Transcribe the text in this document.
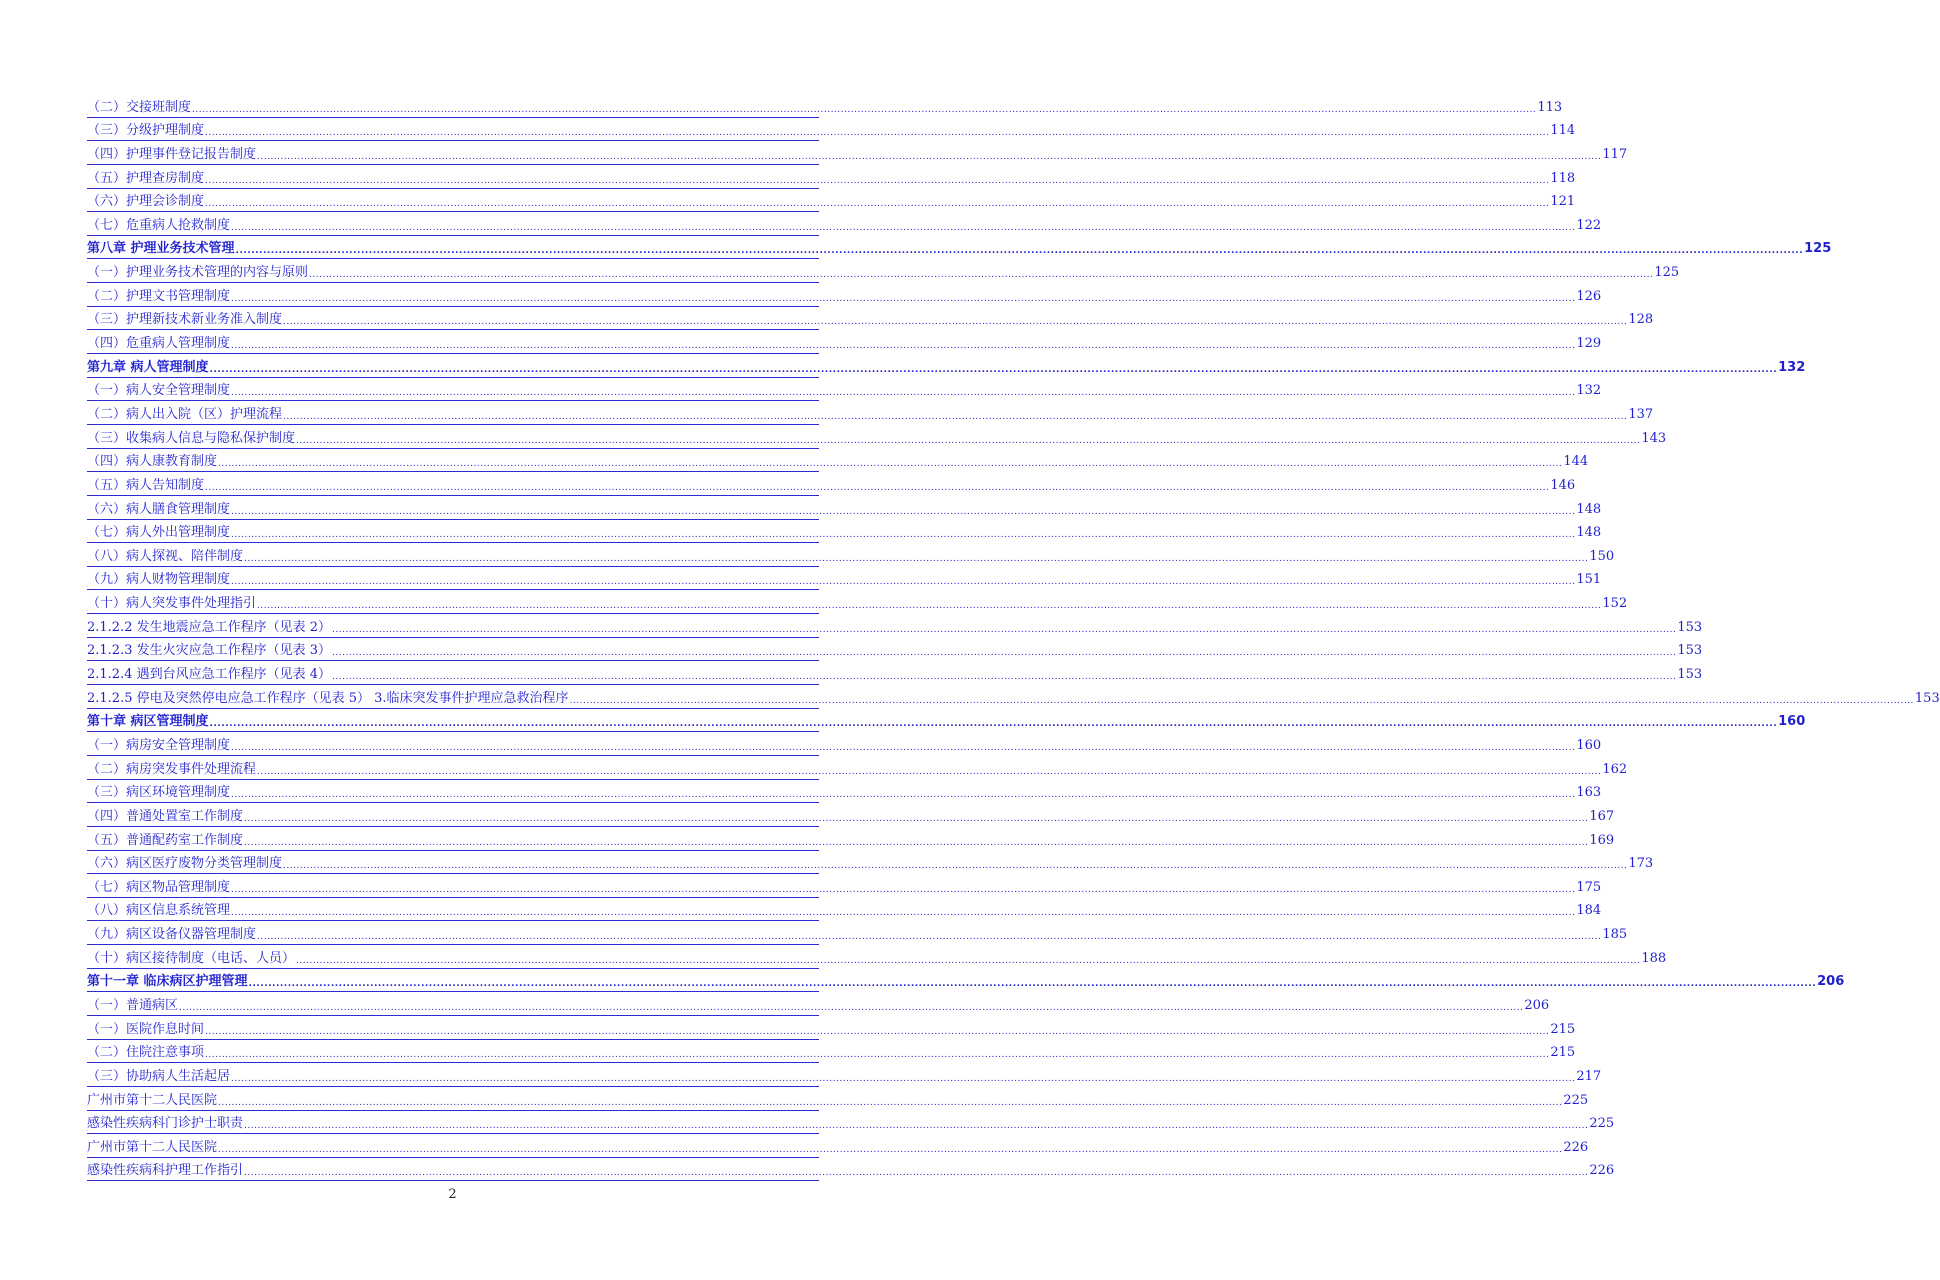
（二）交接班制度 ................................................................................................................................................................................................................................................................................................................................................................................................................ 113
（三）分级护理制度 ................................................................................................................................................................................................................................................................................................................................................................................................................ 114
（四）护理事件登记报告制度 ................................................................................................................................................................................................................................................................................................................................................................................................................ 117
（五）护理查房制度 ................................................................................................................................................................................................................................................................................................................................................................................................................ 118
（六）护理会诊制度 ................................................................................................................................................................................................................................................................................................................................................................................................................ 121
（七）危重病人抢救制度 ................................................................................................................................................................................................................................................................................................................................................................................................................ 122
第八章 护理业务技术管理 ................................................................................................................................................................................................................................................................................................................................................................................................................ 125
（一）护理业务技术管理的内容与原则 ................................................................................................................................................................................................................................................................................................................................................................................................................ 125
（二）护理文书管理制度 ................................................................................................................................................................................................................................................................................................................................................................................................................ 126
（三）护理新技术新业务准入制度 ................................................................................................................................................................................................................................................................................................................................................................................................................ 128
（四）危重病人管理制度 ................................................................................................................................................................................................................................................................................................................................................................................................................ 129
第九章 病人管理制度 ................................................................................................................................................................................................................................................................................................................................................................................................................ 132
（一）病人安全管理制度 ................................................................................................................................................................................................................................................................................................................................................................................................................ 132
（二）病人出入院（区）护理流程 ................................................................................................................................................................................................................................................................................................................................................................................................................ 137
（三）收集病人信息与隐私保护制度 ................................................................................................................................................................................................................................................................................................................................................................................................................ 143
（四）病人康教育制度 ................................................................................................................................................................................................................................................................................................................................................................................................................ 144
（五）病人告知制度 ................................................................................................................................................................................................................................................................................................................................................................................................................ 146
（六）病人膳食管理制度 ................................................................................................................................................................................................................................................................................................................................................................................................................ 148
（七）病人外出管理制度 ................................................................................................................................................................................................................................................................................................................................................................................................................ 148
（八）病人探视、陪伴制度 ................................................................................................................................................................................................................................................................................................................................................................................................................ 150
（九）病人财物管理制度 ................................................................................................................................................................................................................................................................................................................................................................................................................ 151
（十）病人突发事件处理指引 ................................................................................................................................................................................................................................................................................................................................................................................................................ 152
2.1.2.2 发生地震应急工作程序（见表 2） ................................................................................................................................................................................................................................................................................................................................................................................................................ 153
2.1.2.3 发生火灾应急工作程序（见表 3） ................................................................................................................................................................................................................................................................................................................................................................................................................ 153
2.1.2.4 遇到台风应急工作程序（见表 4） ................................................................................................................................................................................................................................................................................................................................................................................................................ 153
2.1.2.5 停电及突然停电应急工作程序（见表 5） 3.临床突发事件护理应急救治程序 ................................................................................................................................................................................................................................................................................................................................................................................................................ 153
第十章 病区管理制度 ................................................................................................................................................................................................................................................................................................................................................................................................................ 160
（一）病房安全管理制度 ................................................................................................................................................................................................................................................................................................................................................................................................................ 160
（二）病房突发事件处理流程 ................................................................................................................................................................................................................................................................................................................................................................................................................ 162
（三）病区环境管理制度 ................................................................................................................................................................................................................................................................................................................................................................................................................ 163
（四）普通处置室工作制度 ................................................................................................................................................................................................................................................................................................................................................................................................................ 167
（五）普通配药室工作制度 ................................................................................................................................................................................................................................................................................................................................................................................................................ 169
（六）病区医疗废物分类管理制度 ................................................................................................................................................................................................................................................................................................................................................................................................................ 173
（七）病区物品管理制度 ................................................................................................................................................................................................................................................................................................................................................................................................................ 175
（八）病区信息系统管理 ................................................................................................................................................................................................................................................................................................................................................................................................................ 184
（九）病区设备仪器管理制度 ................................................................................................................................................................................................................................................................................................................................................................................................................ 185
（十）病区接待制度（电话、人员） ................................................................................................................................................................................................................................................................................................................................................................................................................ 188
第十一章 临床病区护理管理 ................................................................................................................................................................................................................................................................................................................................................................................................................ 206
（一）普通病区 ................................................................................................................................................................................................................................................................................................................................................................................................................ 206
（一）医院作息时间 ................................................................................................................................................................................................................................................................................................................................................................................................................ 215
（二）住院注意事项 ................................................................................................................................................................................................................................................................................................................................................................................................................ 215
（三）协助病人生活起居 ................................................................................................................................................................................................................................................................................................................................................................................................................ 217
广州市第十二人民医院 ................................................................................................................................................................................................................................................................................................................................................................................................................ 225
感染性疾病科门诊护士职责 ................................................................................................................................................................................................................................................................................................................................................................................................................ 225
广州市第十二人民医院 ................................................................................................................................................................................................................................................................................................................................................................................................................ 226
感染性疾病科护理工作指引 ................................................................................................................................................................................................................................................................................................................................................................................................................ 226
2
